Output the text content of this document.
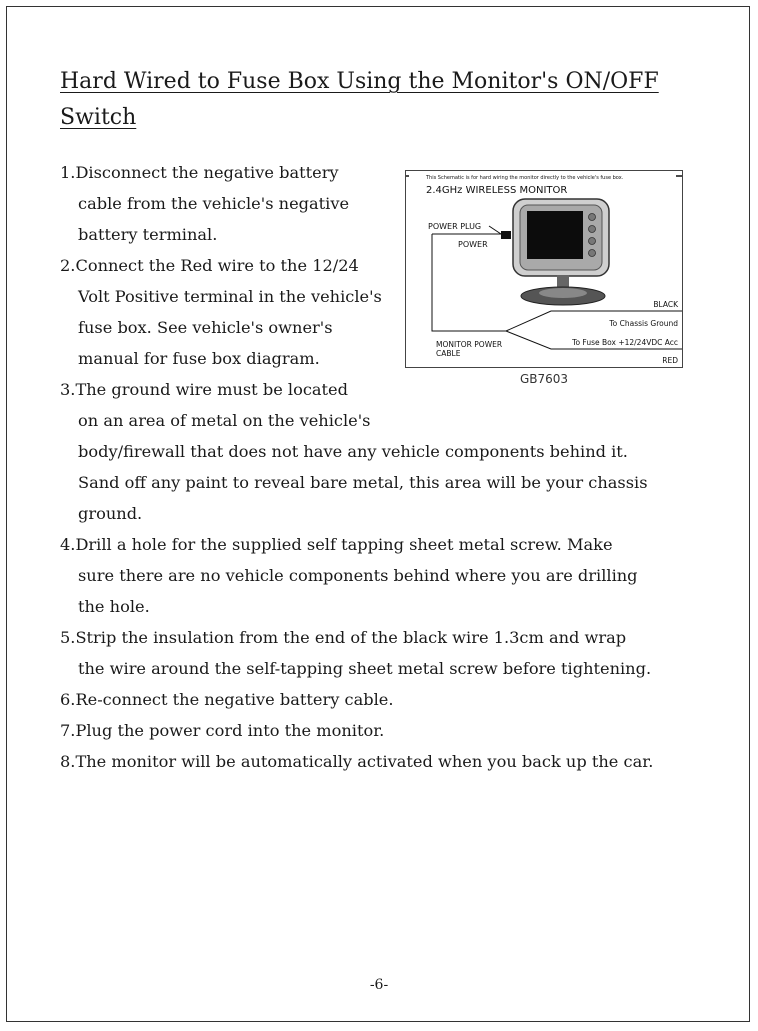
Hard Wired to Fuse Box Using the Monitor's ON/OFF Switch
1.Disconnect the negative battery
cable from the vehicle's negative
battery terminal.
2.Connect the Red wire to the 12/24
Volt Positive terminal in the vehicle's
fuse box. See vehicle's owner's
manual for fuse box diagram.
3.The ground wire must be located
on an area of metal on the vehicle's
body/firewall that does not have any vehicle components behind it.
Sand off any paint to reveal bare metal, this area will be your chassis
ground.
4.Drill a hole for the supplied self tapping sheet metal screw. Make
sure there are no vehicle components behind where you are drilling
the hole.
5.Strip the insulation from the end of the black wire 1.3cm and wrap
the wire around the self-tapping sheet metal screw before tightening.
6.Re-connect the negative battery cable.
7.Plug the power cord into the monitor.
8.The monitor will be automatically activated when you back up the car.
This Schematic is for hard wiring the monitor directly to the vehicle's fuse box.
2.4GHz WIRELESS MONITOR
POWER PLUG
POWER
BLACK
To Chassis Ground
MONITOR POWER
CABLE
To Fuse Box +12/24VDC Acc
RED
GB7603
-6-
